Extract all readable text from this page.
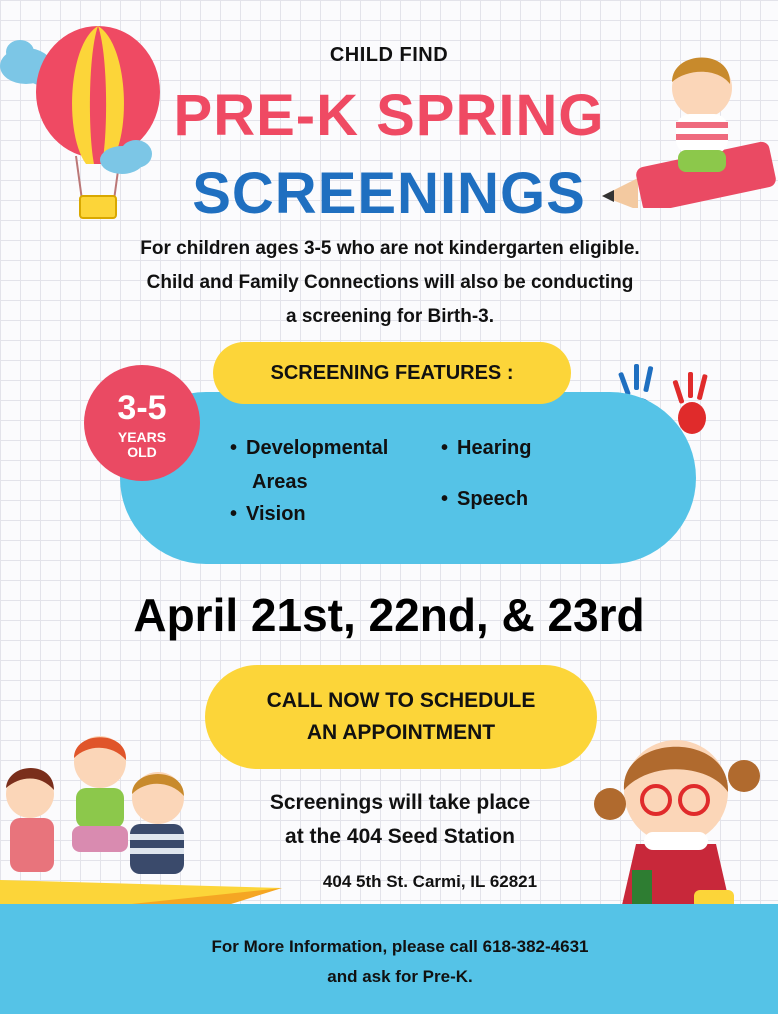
CHILD FIND
PRE-K SPRING
SCREENINGS
For children ages 3-5 who are not kindergarten eligible.
Child and Family Connections will also be conducting
a screening for Birth-3.
SCREENING FEATURES :
3-5
YEARS
OLD	• Developmental
Areas
• Vision
• Hearing
• Speech
April 21st, 22nd, & 23rd
CALL NOW TO SCHEDULE
AN APPOINTMENT
Screenings will take place
at the 404 Seed Station
404 5th St. Carmi, IL 62821
For More Information, please call 618-382-4631
and ask for Pre-K.
